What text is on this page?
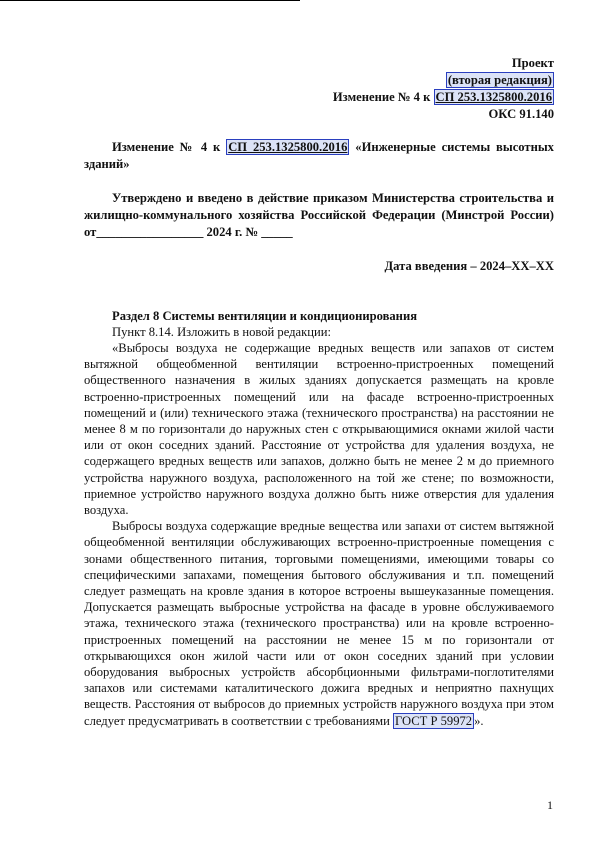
Проект
(вторая редакция)
Изменение № 4 к СП 253.1325800.2016
ОКС 91.140
Изменение № 4 к СП 253.1325800.2016 «Инженерные системы высотных зданий»
Утверждено и введено в действие приказом Министерства строительства и жилищно-коммунального хозяйства Российской Федерации (Минстрой России) от_________________ 2024 г. № _____
Дата введения – 2024–ХХ–ХХ
Раздел 8 Системы вентиляции и кондиционирования
Пункт 8.14. Изложить в новой редакции:

«Выбросы воздуха не содержащие вредных веществ или запахов от систем вытяжной общеобменной вентиляции встроенно-пристроенных помещений общественного назначения в жилых зданиях допускается размещать на кровле встроенно-пристроенных помещений или на фасаде встроенно-пристроенных помещений и (или) технического этажа (технического пространства) на расстоянии не менее 8 м по горизонтали до наружных стен с открывающимися окнами жилой части или от окон соседних зданий. Расстояние от устройства для удаления воздуха, не содержащего вредных веществ или запахов, должно быть не менее 2 м до приемного устройства наружного воздуха, расположенного на той же стене; по возможности, приемное устройство наружного воздуха должно быть ниже отверстия для удаления воздуха.

Выбросы воздуха содержащие вредные вещества или запахи от систем вытяжной общеобменной вентиляции обслуживающих встроенно-пристроенные помещения с зонами общественного питания, торговыми помещениями, имеющими товары со специфическими запахами, помещения бытового обслуживания и т.п. помещений следует размещать на кровле здания в которое встроены вышеуказанные помещения. Допускается размещать выбросные устройства на фасаде в уровне обслуживаемого этажа, технического этажа (технического пространства) или на кровле встроенно-пристроенных помещений на расстоянии не менее 15 м по горизонтали от открывающихся окон жилой части или от окон соседних зданий при условии оборудования выбросных устройств абсорбционными фильтрами-поглотителями запахов или системами каталитического дожига вредных и неприятно пахнущих веществ. Расстояния от выбросов до приемных устройств наружного воздуха при этом следует предусматривать в соответствии с требованиями ГОСТ Р 59972 ».

1
